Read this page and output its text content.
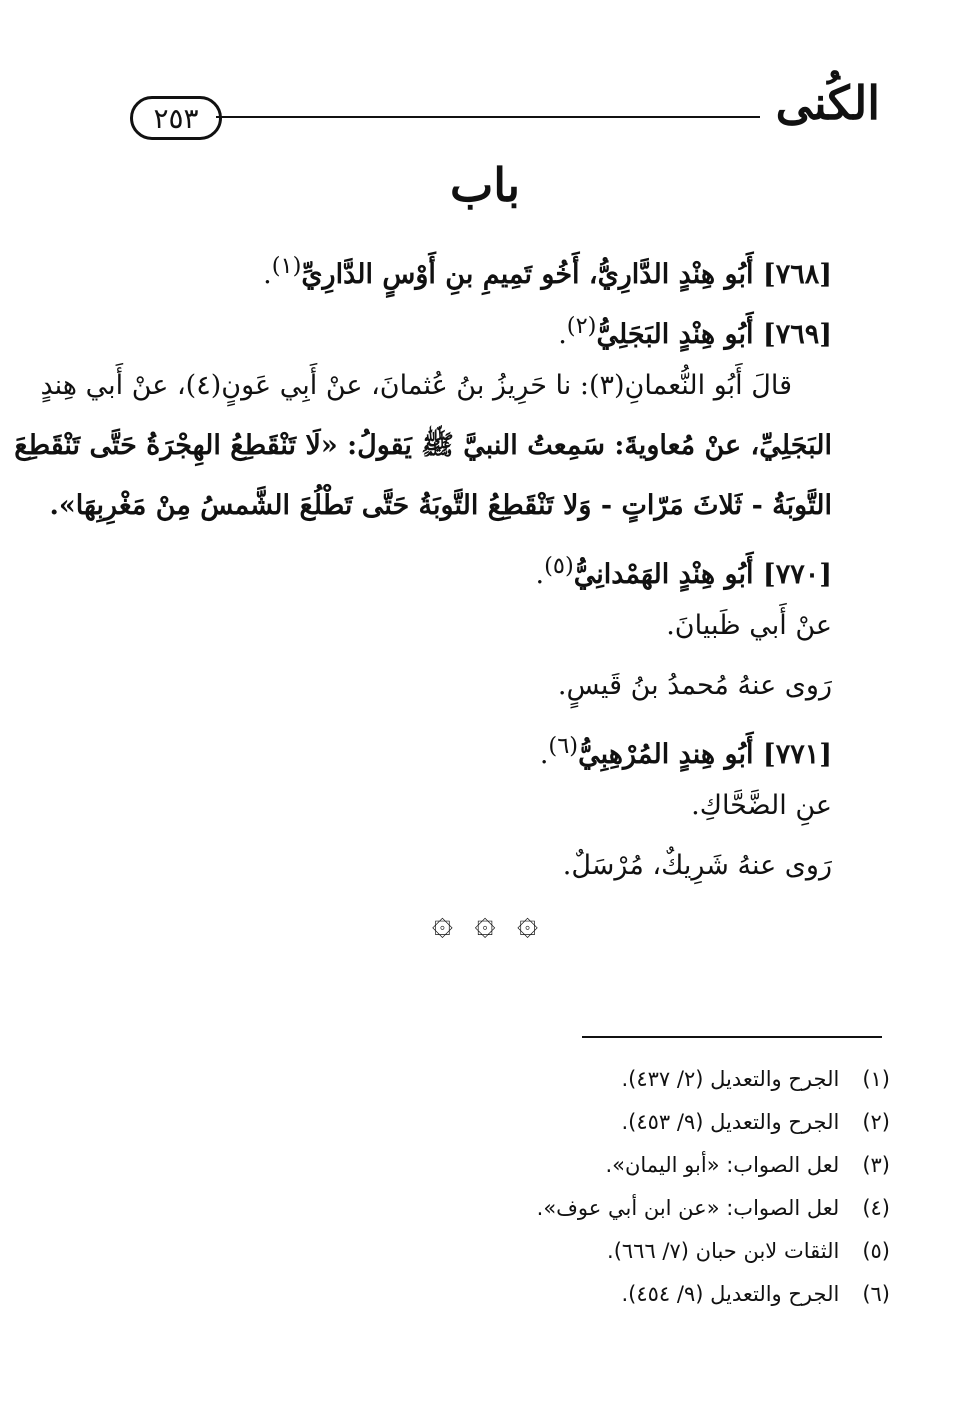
٢٥٣	الكُنى
باب
[٧٦٨] أَبُو هِنْدٍ الدَّارِيُّ، أَخُو تَمِيمِ بنِ أَوْسٍ الدَّارِيِّ$^{(١)}$.
[٧٦٩] أَبُو هِنْدٍ البَجَلِيُّ$^{(٢)}$.
قالَ أَبُو النُّعمانِ(٣): نا حَرِيزُ بنُ عُثمانَ، عنْ أَبِي عَونٍ(٤)، عنْ أَبي هِندٍ
البَجَلِيِّ، عنْ مُعاويةَ: سَمِعتُ النبيَّ ﷺ يَقولُ: «لَا تَنْقَطِعُ الهِجْرَةُ حَتَّى تَنْقَطِعَ
التَّوبَةُ - ثَلاثَ مَرّاتٍ - وَلا تَنْقَطِعُ التَّوبَةُ حَتَّى تَطْلُعَ الشَّمسُ مِنْ مَغْرِبِهَا».
[٧٧٠] أَبُو هِنْدٍ الهَمْدانِيُّ$^{(٥)}$.
عنْ أَبي ظَبيانَ.
رَوى عنهُ مُحمدُ بنُ قَيسٍ.
[٧٧١] أَبُو هِندٍ المُرْهِبِيُّ$^{(٦)}$.
عنِ الضَّحَّاكِ.
رَوى عنهُ شَرِيكٌ، مُرْسَلٌ.
۞ ۞ ۞
(١) الجرح والتعديل (٢/ ٤٣٧).
(٢) الجرح والتعديل (٩/ ٤٥٣).
(٣) لعل الصواب: «أبو اليمان».
(٤) لعل الصواب: «عن ابن أبي عوف».
(٥) الثقات لابن حبان (٧/ ٦٦٦).
(٦) الجرح والتعديل (٩/ ٤٥٤).
